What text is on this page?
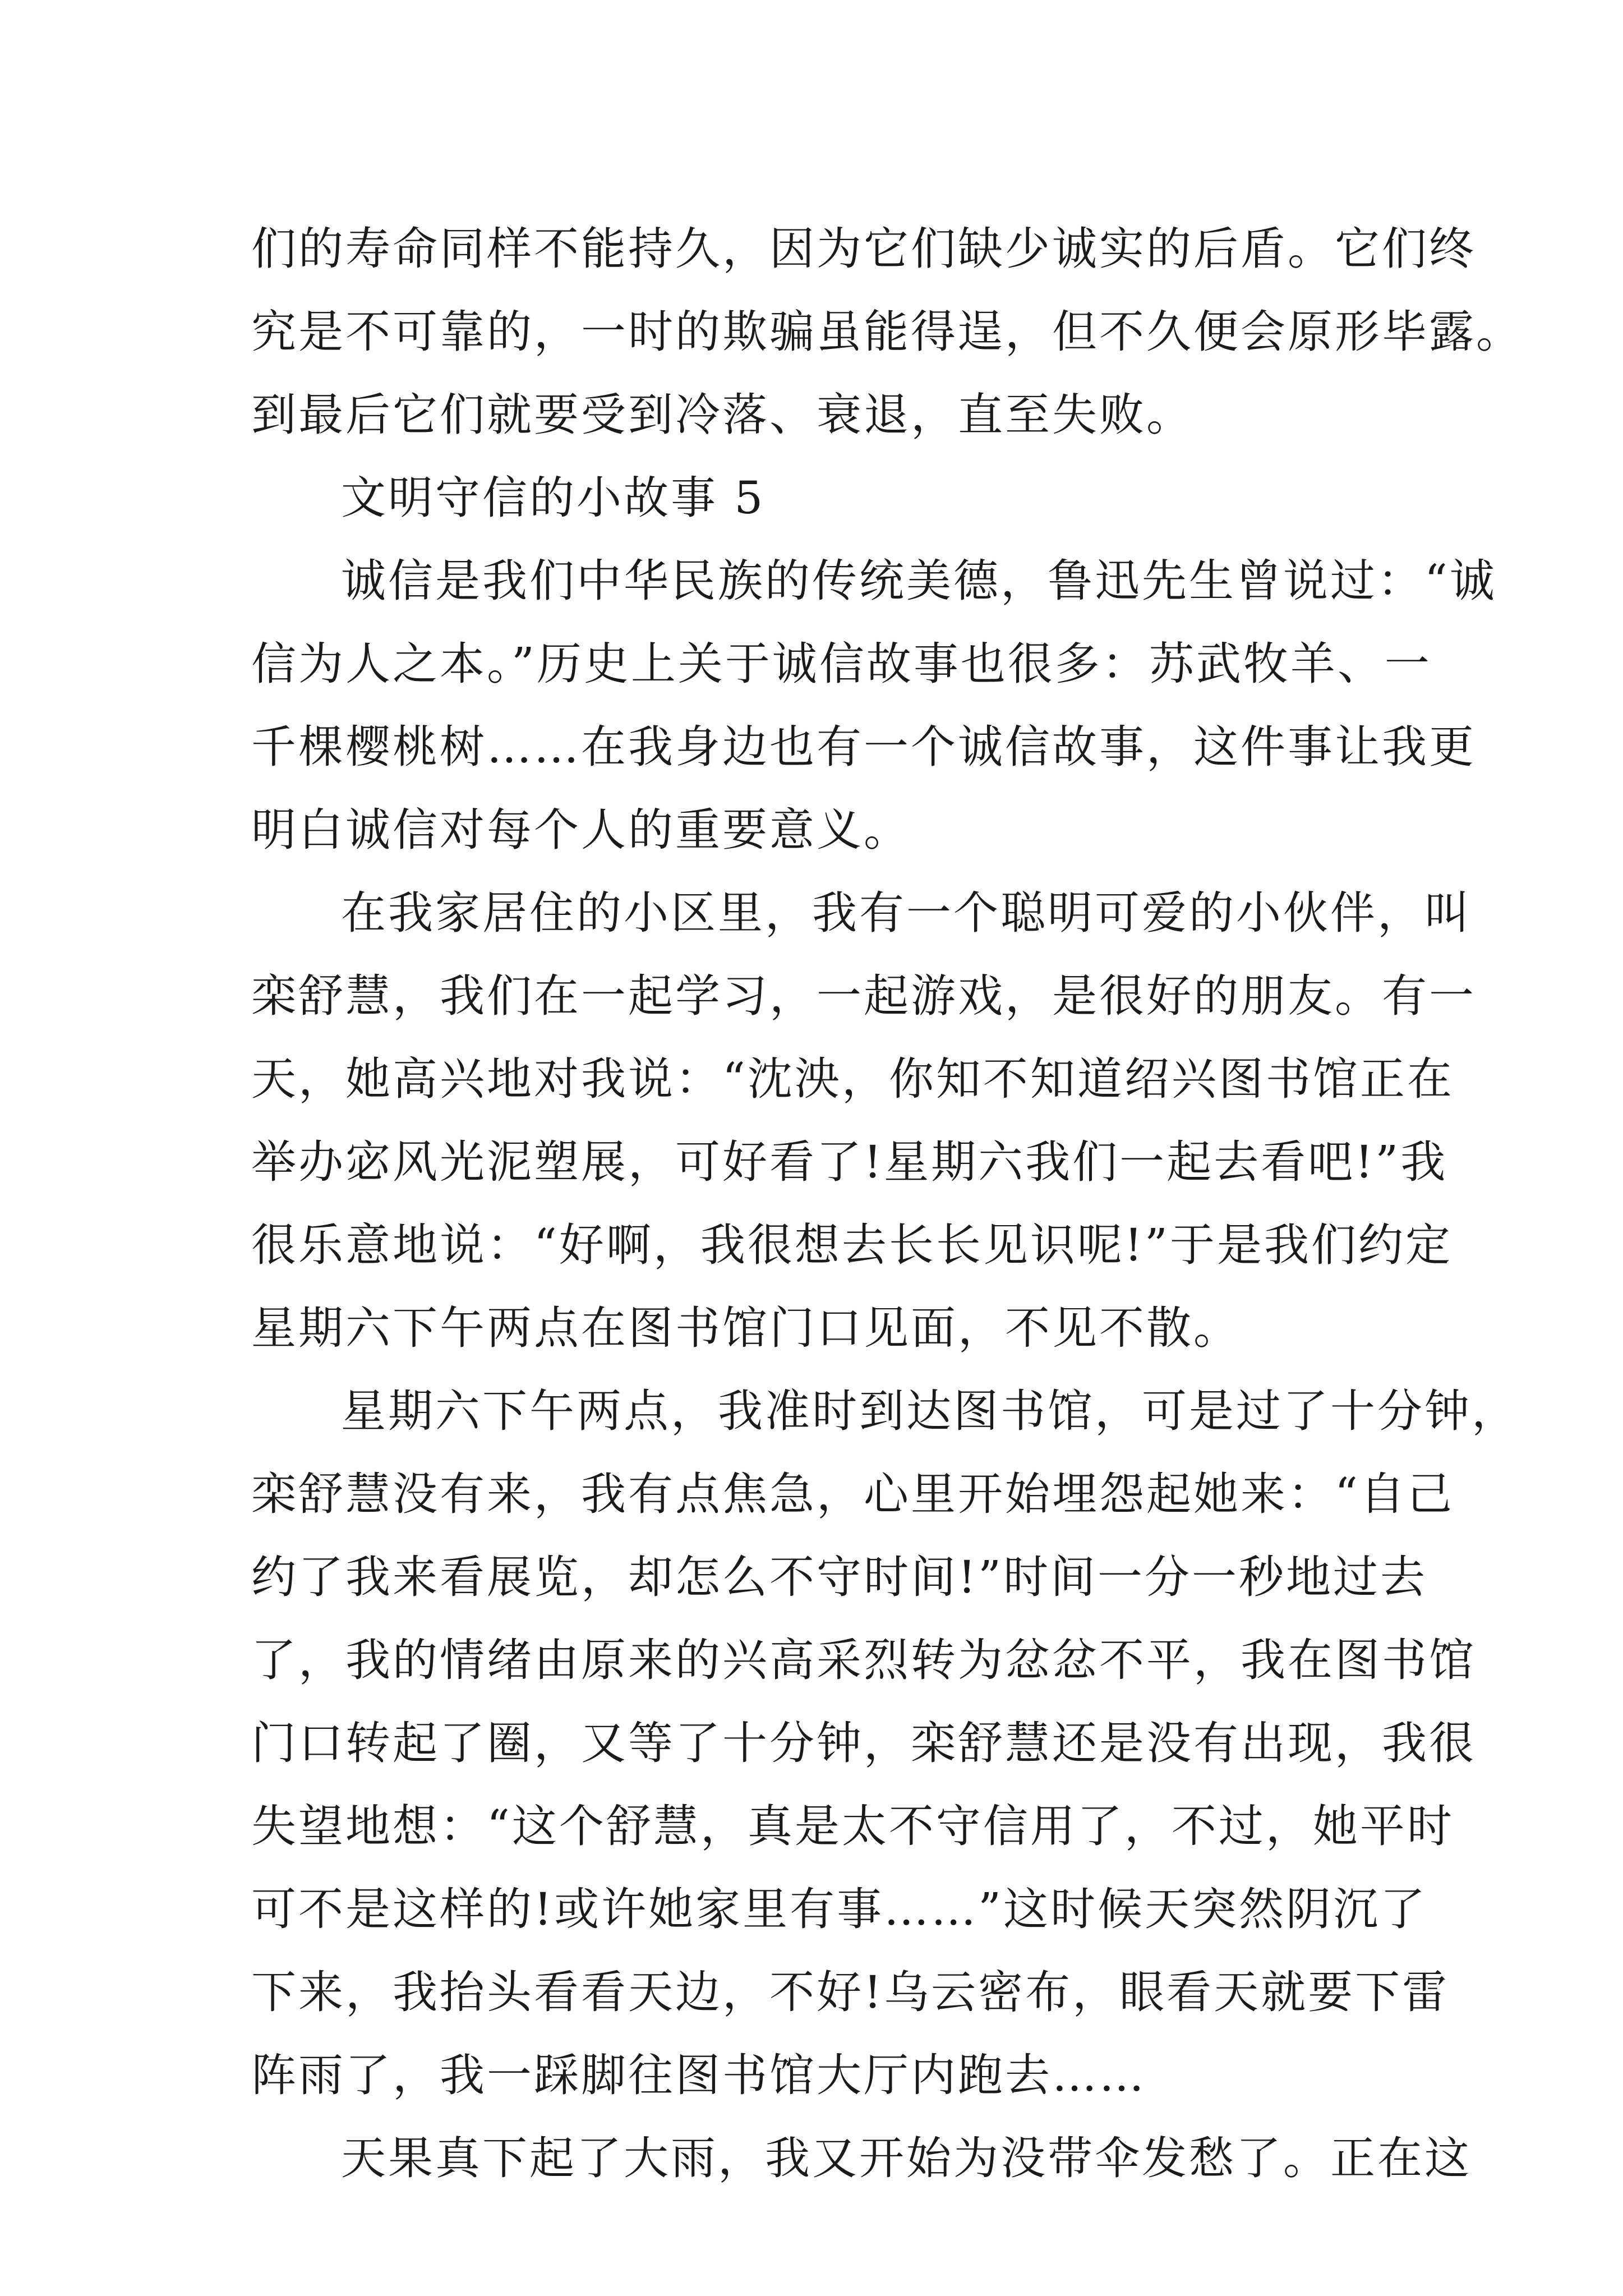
们的寿命同样不能持久，因为它们缺少诚实的后盾。它们终
究是不可靠的，一时的欺骗虽能得逞，但不久便会原形毕露。
到最后它们就要受到冷落、衰退，直至失败。
文明守信的小故事 5
诚信是我们中华民族的传统美德，鲁迅先生曾说过：“诚
信为人之本。”历史上关于诚信故事也很多：苏武牧羊、一
千棵樱桃树……在我身边也有一个诚信故事，这件事让我更
明白诚信对每个人的重要意义。
在我家居住的小区里，我有一个聪明可爱的小伙伴，叫
栾舒慧，我们在一起学习，一起游戏，是很好的朋友。有一
天，她高兴地对我说：“沈泱，你知不知道绍兴图书馆正在
举办宓风光泥塑展，可好看了!星期六我们一起去看吧!”我
很乐意地说：“好啊，我很想去长长见识呢!”于是我们约定
星期六下午两点在图书馆门口见面，不见不散。
星期六下午两点，我准时到达图书馆，可是过了十分钟，
栾舒慧没有来，我有点焦急，心里开始埋怨起她来：“自己
约了我来看展览，却怎么不守时间!”时间一分一秒地过去
了，我的情绪由原来的兴高采烈转为忿忿不平，我在图书馆
门口转起了圈，又等了十分钟，栾舒慧还是没有出现，我很
失望地想：“这个舒慧，真是太不守信用了，不过，她平时
可不是这样的!或许她家里有事……”这时候天突然阴沉了
下来，我抬头看看天边，不好!乌云密布，眼看天就要下雷
阵雨了，我一踩脚往图书馆大厅内跑去……
天果真下起了大雨，我又开始为没带伞发愁了。正在这
